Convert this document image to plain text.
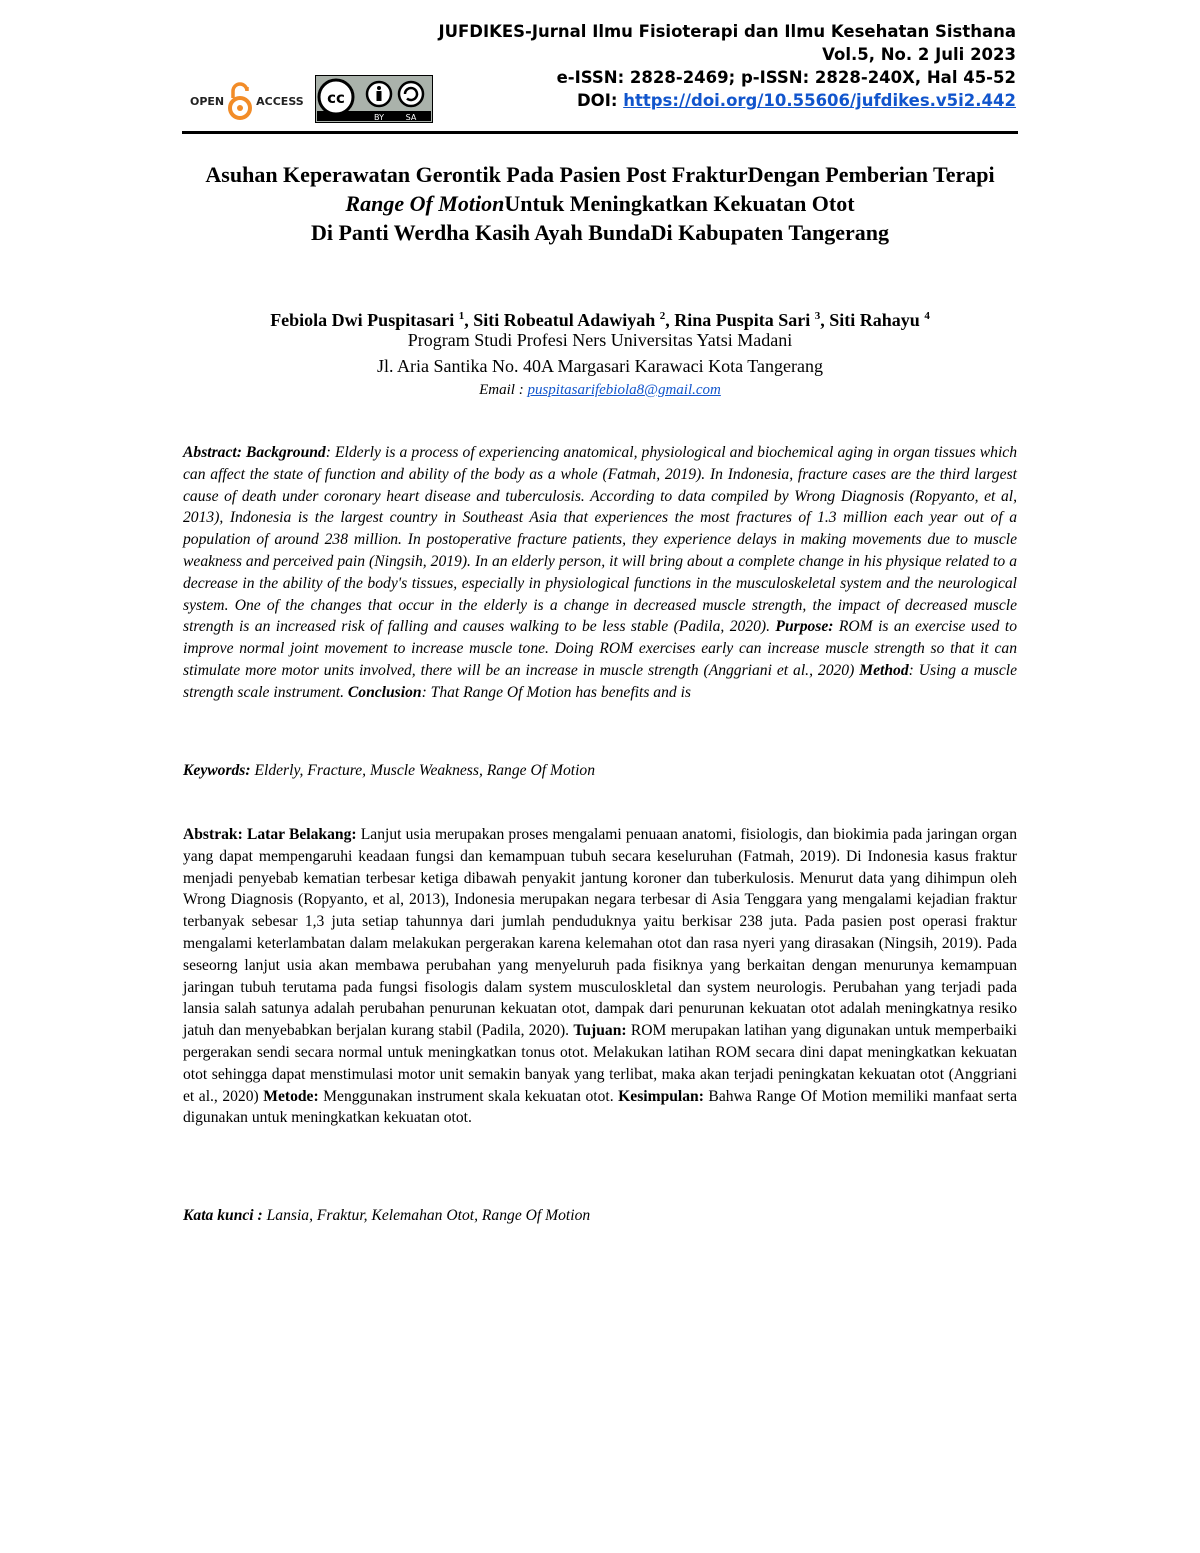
JUFDIKES-Jurnal Ilmu Fisioterapi dan Ilmu Kesehatan Sisthana
Vol.5, No. 2 Juli 2023
e-ISSN: 2828-2469; p-ISSN: 2828-240X, Hal 45-52
DOI: https://doi.org/10.55606/jufdikes.v5i2.442
OPEN	ACCESS cc
BY	SA
Asuhan Keperawatan Gerontik Pada Pasien Post FrakturDengan Pemberian Terapi
Range Of MotionUntuk Meningkatkan Kekuatan Otot
Di Panti Werdha Kasih Ayah BundaDi Kabupaten Tangerang
Febiola Dwi Puspitasari $^1$, Siti Robeatul Adawiyah $^2$, Rina Puspita Sari $^3$, Siti Rahayu $^4$
Program Studi Profesi Ners Universitas Yatsi Madani
Jl. Aria Santika No. 40A Margasari Karawaci Kota Tangerang
Email : puspitasarifebiola8@gmail.com
Abstract: Background: Elderly is a process of experiencing anatomical, physiological and biochemical aging in organ tissues which can affect the state of function and ability of the body as a whole (Fatmah, 2019). In Indonesia, fracture cases are the third largest cause of death under coronary heart disease and tuberculosis. According to data compiled by Wrong Diagnosis (Ropyanto, et al, 2013), Indonesia is the largest country in Southeast Asia that experiences the most fractures of 1.3 million each year out of a population of around 238 million. In postoperative fracture patients, they experience delays in making movements due to muscle weakness and perceived pain (Ningsih, 2019). In an elderly person, it will bring about a complete change in his physique related to a decrease in the ability of the body's tissues, especially in physiological functions in the musculoskeletal system and the neurological system. One of the changes that occur in the elderly is a change in decreased muscle strength, the impact of decreased muscle strength is an increased risk of falling and causes walking to be less stable (Padila, 2020). Purpose: ROM is an exercise used to improve normal joint movement to increase muscle tone. Doing ROM exercises early can increase muscle strength so that it can stimulate more motor units involved, there will be an increase in muscle strength (Anggriani et al., 2020) Method: Using a muscle strength scale instrument. Conclusion: That Range Of Motion has benefits and is
Keywords: Elderly, Fracture, Muscle Weakness, Range Of Motion
Abstrak: Latar Belakang: Lanjut usia merupakan proses mengalami penuaan anatomi, fisiologis, dan biokimia pada jaringan organ yang dapat mempengaruhi keadaan fungsi dan kemampuan tubuh secara keseluruhan (Fatmah, 2019). Di Indonesia kasus fraktur menjadi penyebab kematian terbesar ketiga dibawah penyakit jantung koroner dan tuberkulosis. Menurut data yang dihimpun oleh Wrong Diagnosis (Ropyanto, et al, 2013), Indonesia merupakan negara terbesar di Asia Tenggara yang mengalami kejadian fraktur terbanyak sebesar 1,3 juta setiap tahunnya dari jumlah penduduknya yaitu berkisar 238 juta. Pada pasien post operasi fraktur mengalami keterlambatan dalam melakukan pergerakan karena kelemahan otot dan rasa nyeri yang dirasakan (Ningsih, 2019). Pada seseorng lanjut usia akan membawa perubahan yang menyeluruh pada fisiknya yang berkaitan dengan menurunya kemampuan jaringan tubuh terutama pada fungsi fisologis dalam system musculoskletal dan system neurologis. Perubahan yang terjadi pada lansia salah satunya adalah perubahan penurunan kekuatan otot, dampak dari penurunan kekuatan otot adalah meningkatnya resiko jatuh dan menyebabkan berjalan kurang stabil (Padila, 2020). Tujuan: ROM merupakan latihan yang digunakan untuk memperbaiki pergerakan sendi secara normal untuk meningkatkan tonus otot. Melakukan latihan ROM secara dini dapat meningkatkan kekuatan otot sehingga dapat menstimulasi motor unit semakin banyak yang terlibat, maka akan terjadi peningkatan kekuatan otot (Anggriani et al., 2020) Metode: Menggunakan instrument skala kekuatan otot. Kesimpulan: Bahwa Range Of Motion memiliki manfaat serta digunakan untuk meningkatkan kekuatan otot.
Kata kunci : Lansia, Fraktur, Kelemahan Otot, Range Of Motion
